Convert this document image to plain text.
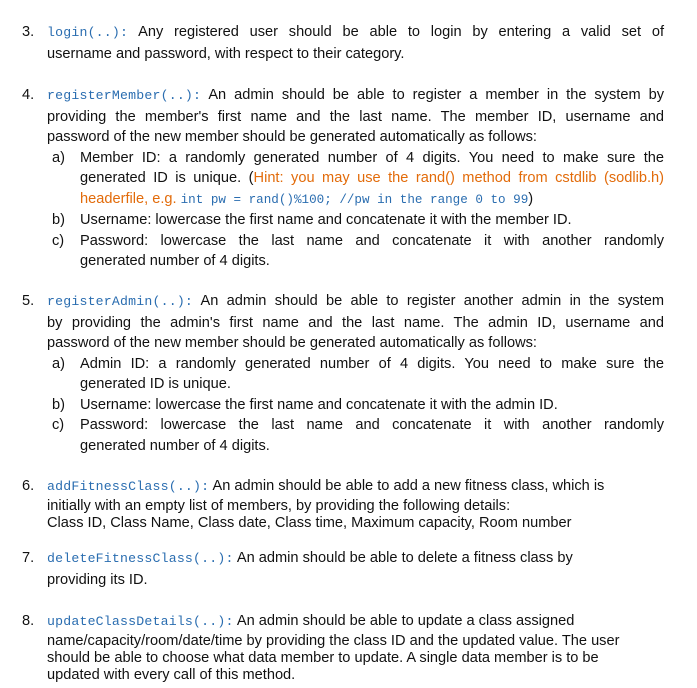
3. login(..): Any registered user should be able to login by entering a valid set of
username and password, with respect to their category.
4. registerMember(..): An admin should be able to register a member in the system by
providing the member's first name and the last name. The member ID, username and
password of the new member should be generated automatically as follows:
a) Member ID: a randomly generated number of 4 digits. You need to make sure the
generated ID is unique. (Hint: you may use the rand() method from cstdlib (sodlib.h)
headerfile, e.g. int pw = rand()%100; //pw in the range 0 to 99)
b) Username: lowercase the first name and concatenate it with the member ID.
c) Password: lowercase the last name and concatenate it with another randomly
generated number of 4 digits.
5. registerAdmin(..): An admin should be able to register another admin in the system
by providing the admin's first name and the last name. The admin ID, username and
password of the new member should be generated automatically as follows:
a) Admin ID: a randomly generated number of 4 digits. You need to make sure the
generated ID is unique.
b) Username: lowercase the first name and concatenate it with the admin ID.
c) Password: lowercase the last name and concatenate it with another randomly
generated number of 4 digits.
6. addFitnessClass(..): An admin should be able to add a new fitness class, which is
initially with an empty list of members, by providing the following details:
Class ID, Class Name, Class date, Class time, Maximum capacity, Room number
7. deleteFitnessClass(..): An admin should be able to delete a fitness class by
providing its ID.
8. updateClassDetails(..): An admin should be able to update a class assigned
name/capacity/room/date/time by providing the class ID and the updated value. The user
should be able to choose what data member to update. A single data member is to be
updated with every call of this method.
